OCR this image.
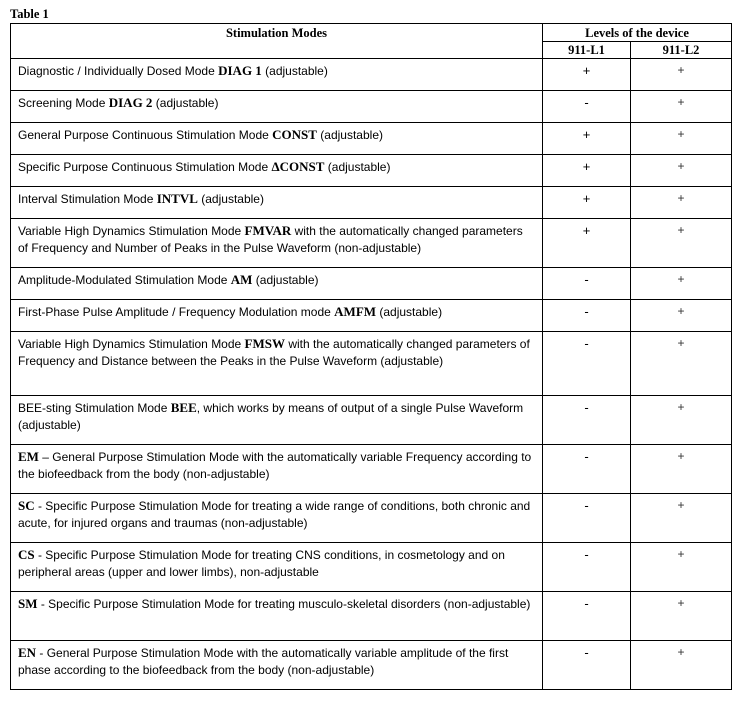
Table 1
Stimulation Modes	Levels of the device	
	911-L1	911-L2
Diagnostic / Individually Dosed Mode DIAG 1 (adjustable)	+	+
Screening Mode DIAG 2 (adjustable)	-	+
General Purpose Continuous Stimulation Mode CONST (adjustable)	+	+
Specific Purpose Continuous Stimulation Mode ΔCONST (adjustable)	+	+
Interval Stimulation Mode INTVL (adjustable)	+	+
Variable High Dynamics Stimulation Mode FMVAR with the automatically changed parameters of Frequency and Number of Peaks in the Pulse Waveform (non-adjustable)	+	+
Amplitude-Modulated Stimulation Mode AM (adjustable)	-	+
First-Phase Pulse Amplitude / Frequency Modulation mode AMFM (adjustable)	-	+
Variable High Dynamics Stimulation Mode FMSW with the automatically changed parameters of Frequency and Distance between the Peaks in the Pulse Waveform (adjustable)	-	+
BEE-sting Stimulation Mode BEE, which works by means of output of a single Pulse Waveform (adjustable)	-	+
EM – General Purpose Stimulation Mode with the automatically variable Frequency according to the biofeedback from the body (non-adjustable)	-	+
SC - Specific Purpose Stimulation Mode for treating a wide range of conditions, both chronic and acute, for injured organs and traumas (non-adjustable)	-	+
CS - Specific Purpose Stimulation Mode for treating CNS conditions, in cosmetology and on peripheral areas (upper and lower limbs), non-adjustable	-	+
SM - Specific Purpose Stimulation Mode for treating musculo-skeletal disorders (non-adjustable)	-	+
EN - General Purpose Stimulation Mode with the automatically variable amplitude of the first phase according to the biofeedback from the body (non-adjustable)	-	+
